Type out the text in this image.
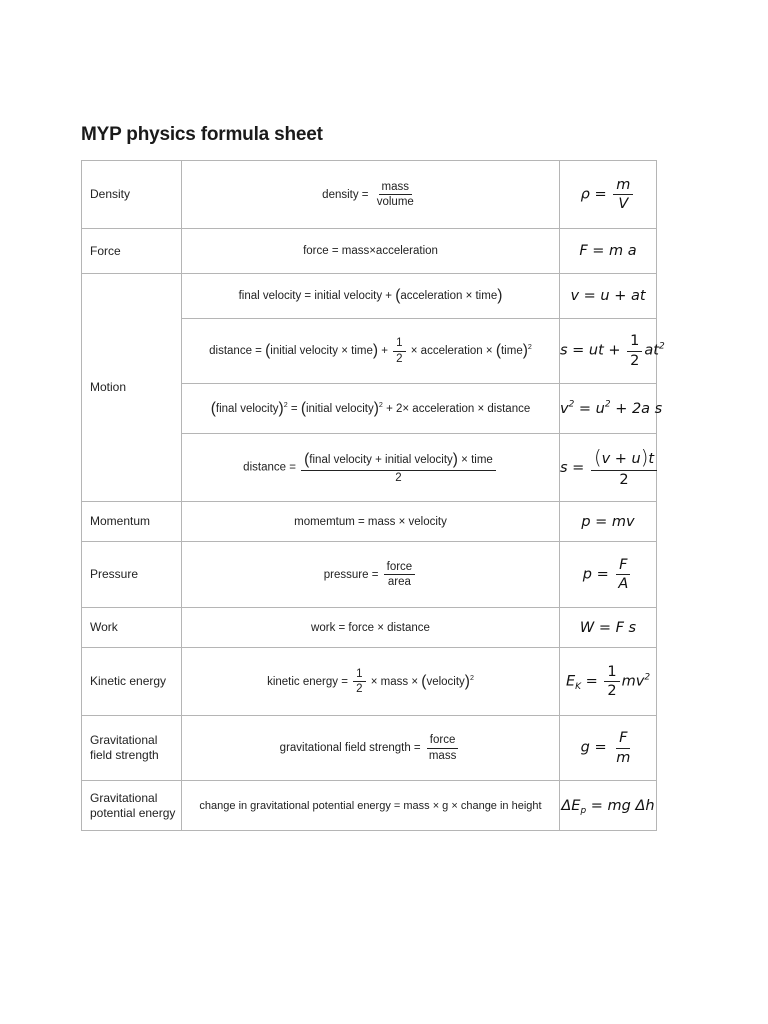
MYP physics formula sheet
Density	density = $\frac{\text{mass}}{\text{volume}}$	$\rho = \frac{m}{V}$

Force	force = mass×acceleration	F = m a
Motion	final velocity = initial velocity + (acceleration × time)	v = u + at
	distance = (initial velocity × time) + $\frac{1}{2}$ × acceleration × (time)$^2$	s = ut + $\frac{1}{2} at^2$
	(final velocity)$^2$ = (initial velocity)$^2$ + 2× acceleration × distance	$v^2 = u^2 + 2a$ s
	distance = $\frac{\text{(final velocity + initial velocity) × time}}{2}$	$s = \frac{(v + u)t}{2}$

Momentum	momemtum = mass × velocity	p = mv
Pressure	pressure = $\frac{\text{force}}{\text{area}}$	$p = \frac{F}{A}$

Work	work = force × distance	W = F s
Kinetic energy	kinetic energy = $\frac{1}{2}$ × mass × (velocity)$^2$	$E_K = \frac{1}{2} mv^2$
Gravitational
field strength	gravitational field strength = $\frac{\text{force}}{\text{mass}}$	$g = \frac{F}{m}$

Gravitational
potential energy	change in gravitational potential energy = mass × g × change in height	$\Delta E_p$ = mg Δh
